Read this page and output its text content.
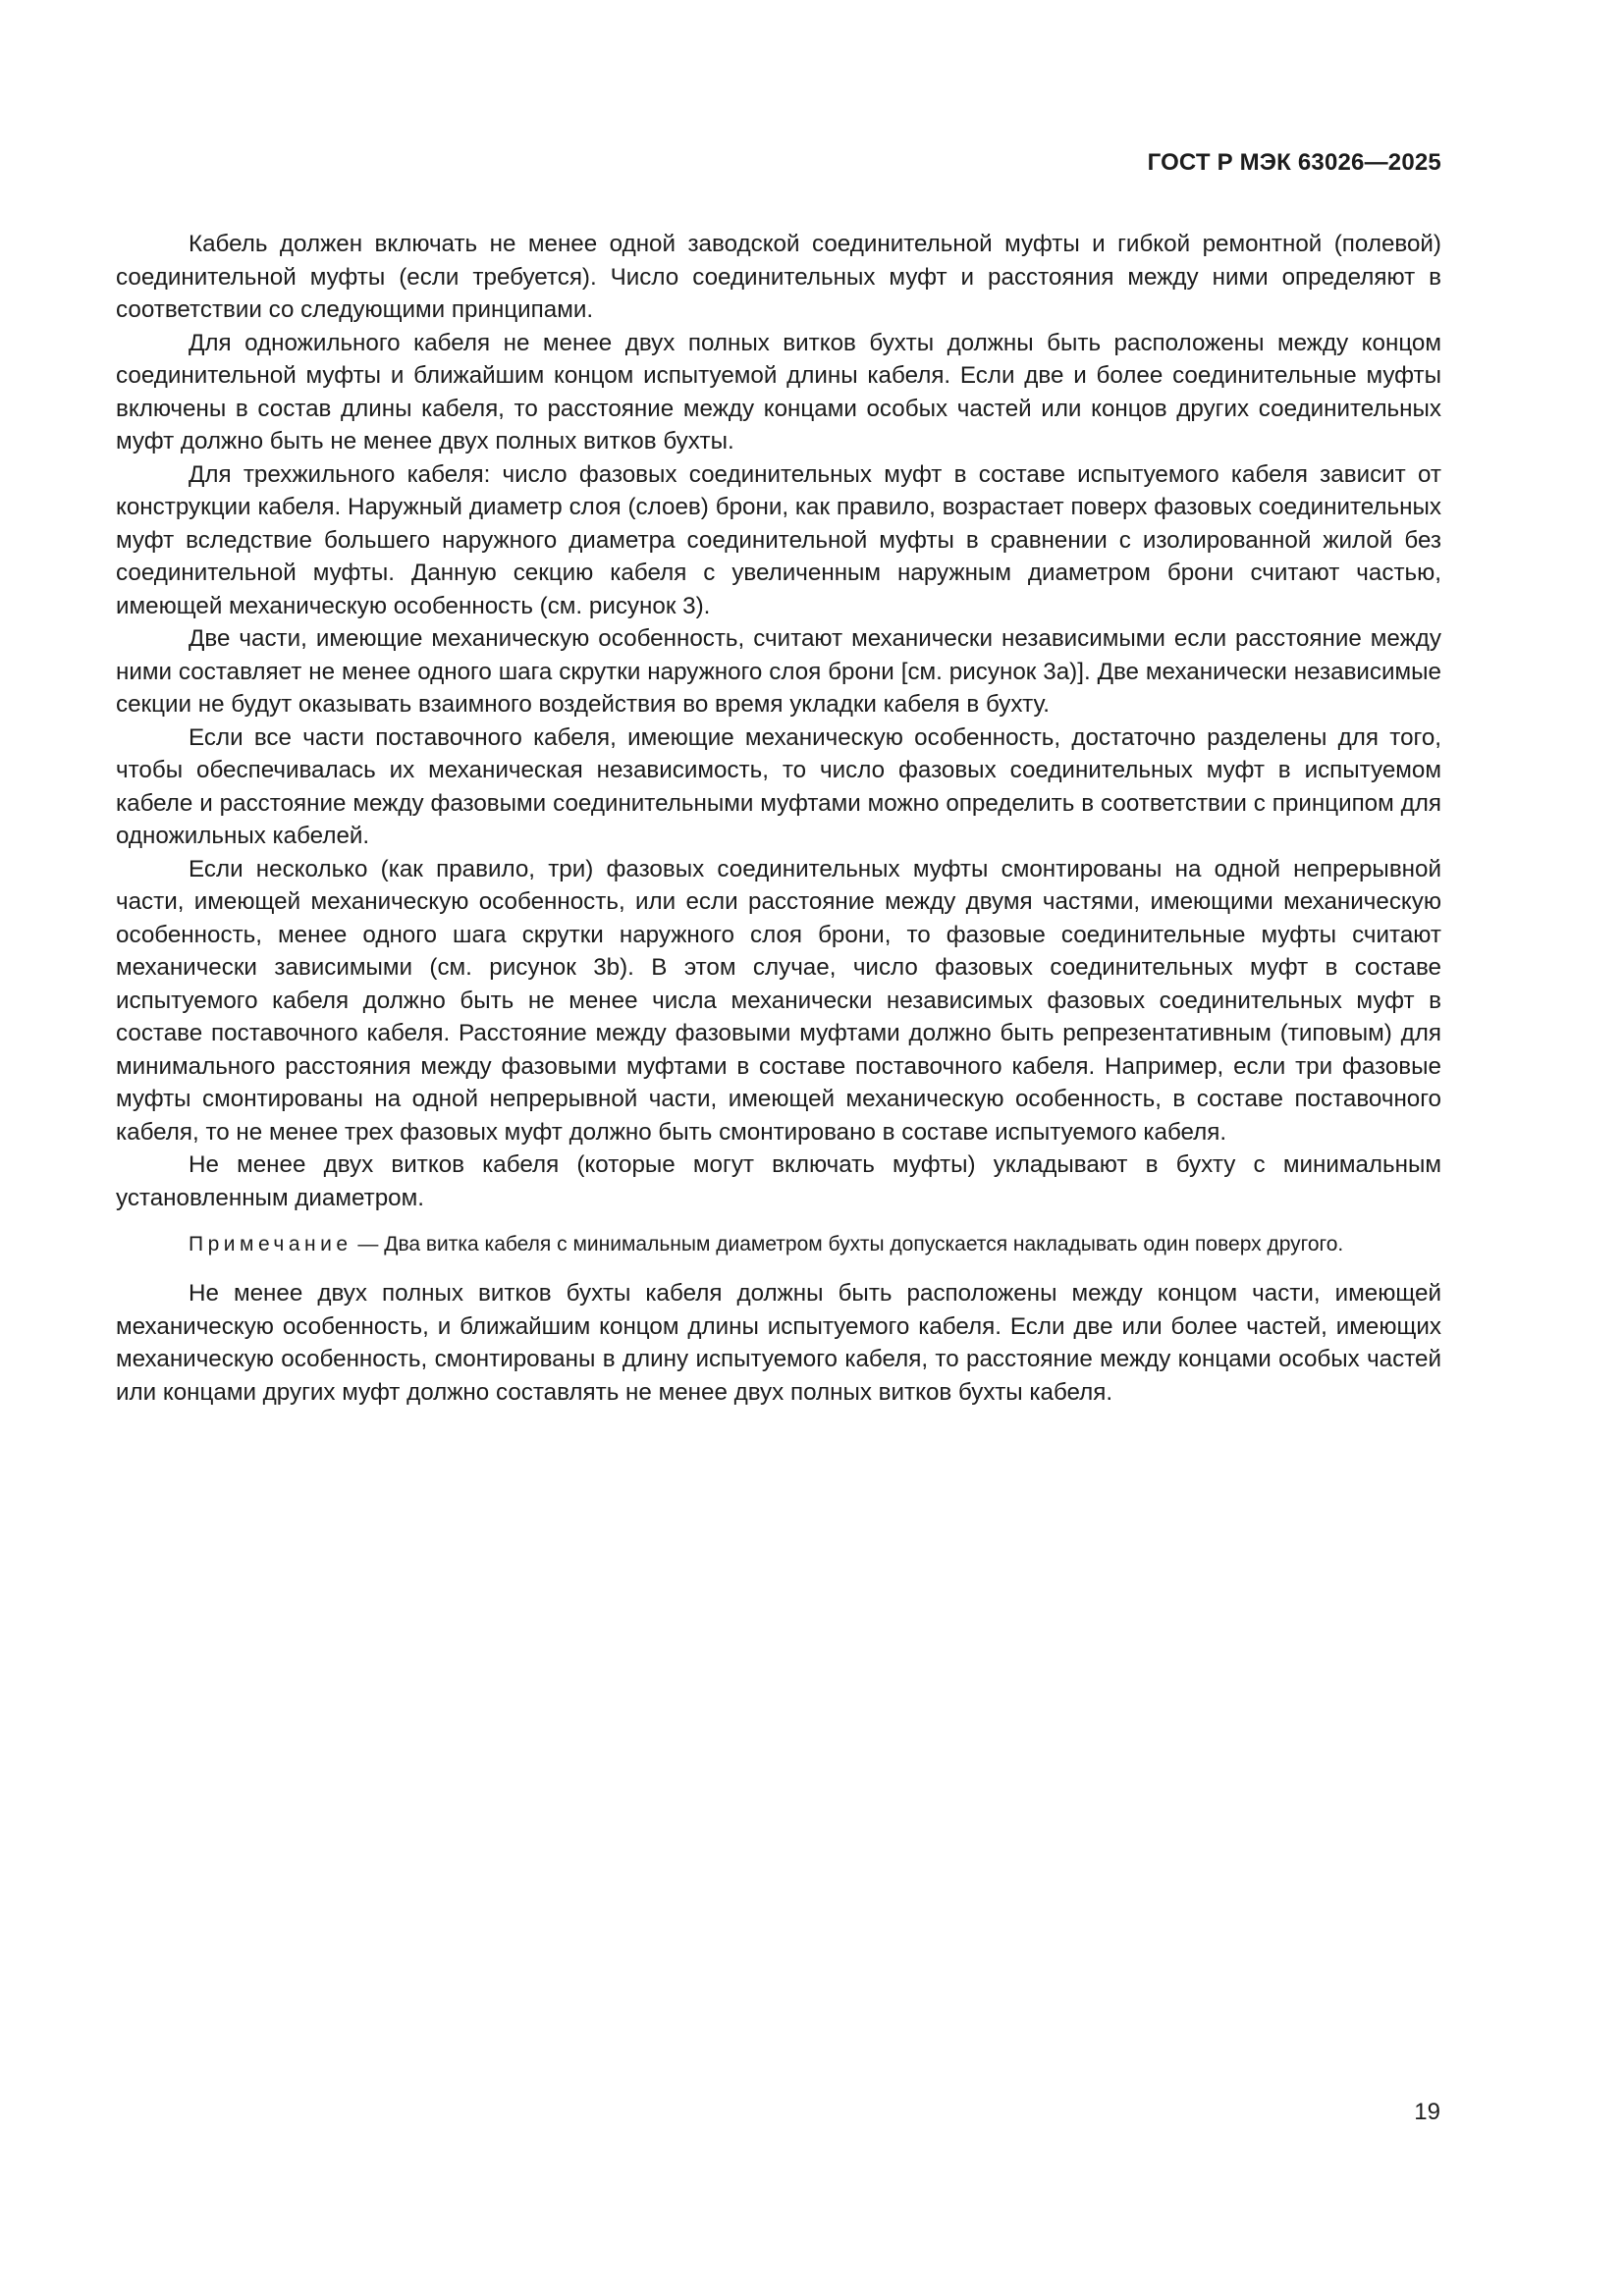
ГОСТ Р МЭК 63026—2025

Кабель должен включать не менее одной заводской соединительной муфты и гибкой ремонтной (полевой) соединительной муфты (если требуется). Число соединительных муфт и расстояния между ними определяют в соответствии со следующими принципами.

Для одножильного кабеля не менее двух полных витков бухты должны быть расположены между концом соединительной муфты и ближайшим концом испытуемой длины кабеля. Если две и более соединительные муфты включены в состав длины кабеля, то расстояние между концами особых частей или концов других соединительных муфт должно быть не менее двух полных витков бухты.

Для трехжильного кабеля: число фазовых соединительных муфт в составе испытуемого кабеля зависит от конструкции кабеля. Наружный диаметр слоя (слоев) брони, как правило, возрастает поверх фазовых соединительных муфт вследствие большего наружного диаметра соединительной муфты в сравнении с изолированной жилой без соединительной муфты. Данную секцию кабеля с увеличенным наружным диаметром брони считают частью, имеющей механическую особенность (см. рисунок 3).

Две части, имеющие механическую особенность, считают механически независимыми если расстояние между ними составляет не менее одного шага скрутки наружного слоя брони [см. рисунок 3а)]. Две механически независимые секции не будут оказывать взаимного воздействия во время укладки кабеля в бухту.

Если все части поставочного кабеля, имеющие механическую особенность, достаточно разделены для того, чтобы обеспечивалась их механическая независимость, то число фазовых соединительных муфт в испытуемом кабеле и расстояние между фазовыми соединительными муфтами можно определить в соответствии с принципом для одножильных кабелей.

Если несколько (как правило, три) фазовых соединительных муфты смонтированы на одной непрерывной части, имеющей механическую особенность, или если расстояние между двумя частями, имеющими механическую особенность, менее одного шага скрутки наружного слоя брони, то фазовые соединительные муфты считают механически зависимыми (см. рисунок 3b). В этом случае, число фазовых соединительных муфт в составе испытуемого кабеля должно быть не менее числа механически независимых фазовых соединительных муфт в составе поставочного кабеля. Расстояние между фазовыми муфтами должно быть репрезентативным (типовым) для минимального расстояния между фазовыми муфтами в составе поставочного кабеля. Например, если три фазовые муфты смонтированы на одной непрерывной части, имеющей механическую особенность, в составе поставочного кабеля, то не менее трех фазовых муфт должно быть смонтировано в составе испытуемого кабеля.

Не менее двух витков кабеля (которые могут включать муфты) укладывают в бухту с минимальным установленным диаметром.

Примечание — Два витка кабеля с минимальным диаметром бухты допускается накладывать один поверх другого.

Не менее двух полных витков бухты кабеля должны быть расположены между концом части, имеющей механическую особенность, и ближайшим концом длины испытуемого кабеля. Если две или более частей, имеющих механическую особенность, смонтированы в длину испытуемого кабеля, то расстояние между концами особых частей или концами других муфт должно составлять не менее двух полных витков бухты кабеля.

19
